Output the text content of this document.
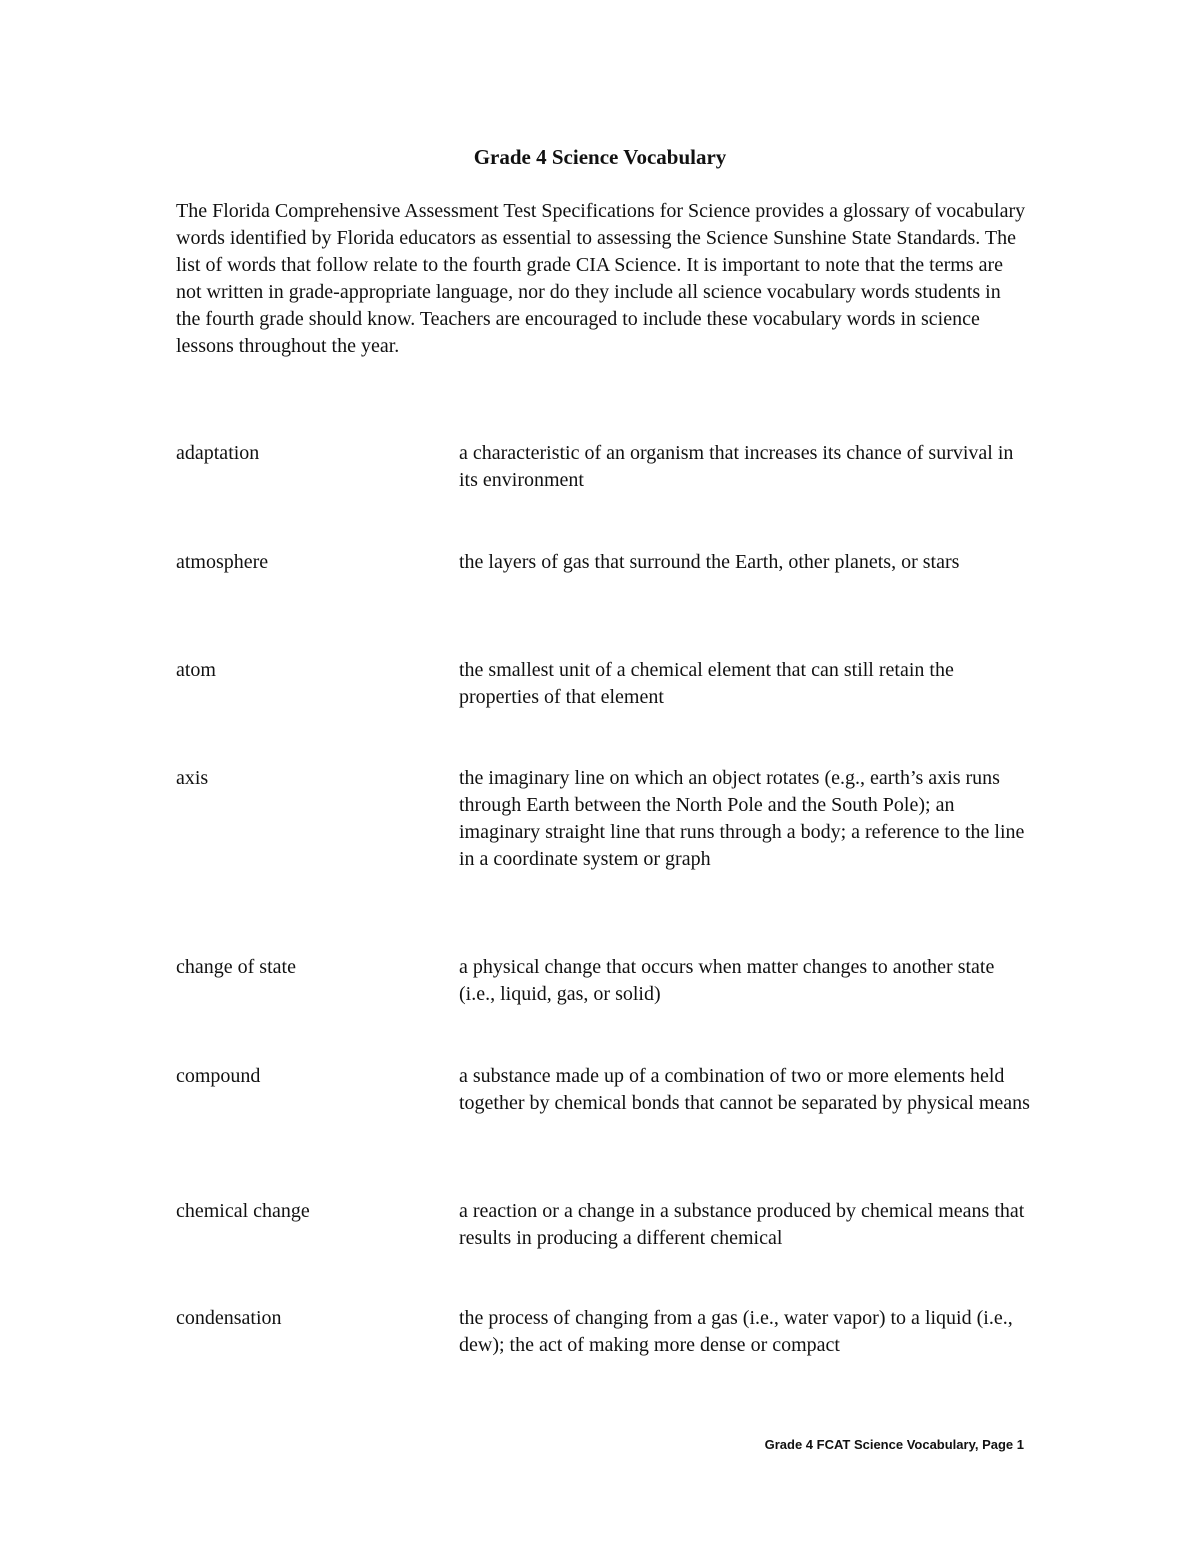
Grade 4 Science Vocabulary
The Florida Comprehensive Assessment Test Specifications for Science provides a glossary of vocabulary words identified by Florida educators as essential to assessing the Science Sunshine State Standards. The list of words that follow relate to the fourth grade CIA Science. It is important to note that the terms are not written in grade-appropriate language, nor do they include all science vocabulary words students in the fourth grade should know. Teachers are encouraged to include these vocabulary words in science lessons throughout the year.
adaptation	a characteristic of an organism that increases its chance of survival in its environment
atmosphere	the layers of gas that surround the Earth, other planets, or stars
atom	the smallest unit of a chemical element that can still retain the properties of that element
axis	the imaginary line on which an object rotates (e.g., earth’s axis runs through Earth between the North Pole and the South Pole); an imaginary straight line that runs through a body; a reference to the line in a coordinate system or graph
change of state	a physical change that occurs when matter changes to another state (i.e., liquid, gas, or solid)
compound	a substance made up of a combination of two or more elements held together by chemical bonds that cannot be separated by physical means
chemical change	a reaction or a change in a substance produced by chemical means that results in producing a different chemical
condensation	the process of changing from a gas (i.e., water vapor) to a liquid (i.e., dew); the act of making more dense or compact
Grade 4 FCAT Science Vocabulary, Page 1
